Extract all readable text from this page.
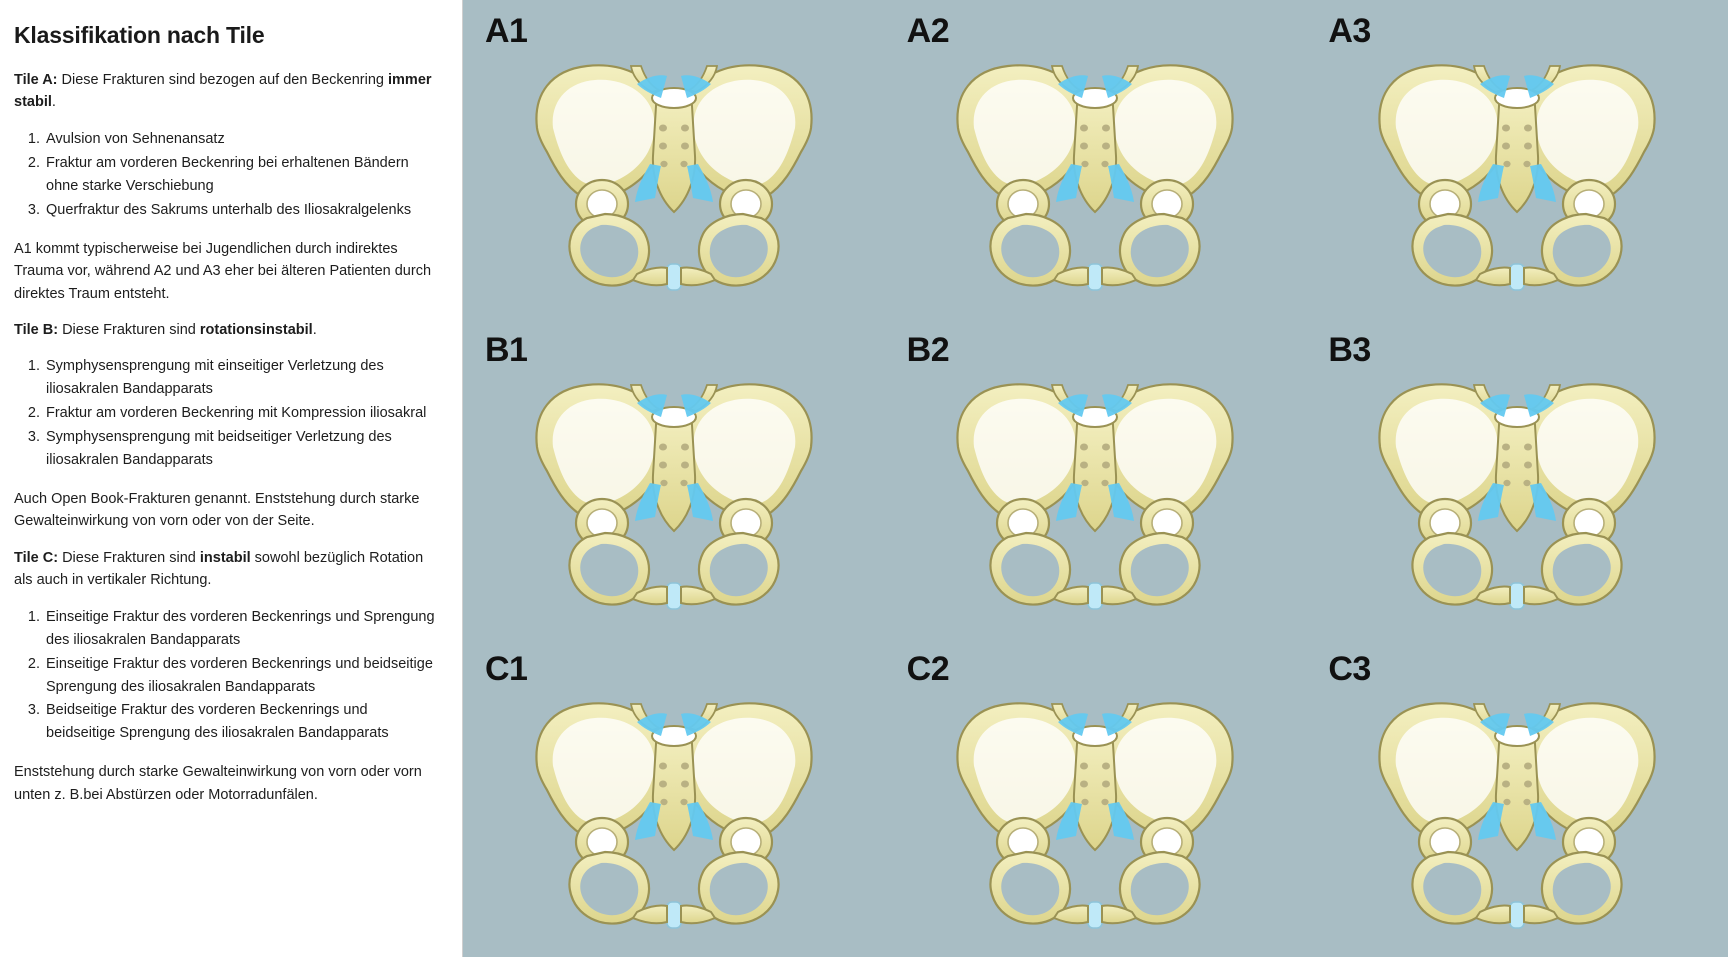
Klassifikation nach Tile

Tile A: Diese Frakturen sind bezogen auf den Beckenring immer stabil.

1. Avulsion von Sehnenansatz
2. Fraktur am vorderen Beckenring bei erhaltenen Bändern ohne starke Verschiebung
3. Querfraktur des Sakrums unterhalb des Iliosakralgelenks

A1 kommt typischerweise bei Jugendlichen durch indirektes Trauma vor, während A2 und A3 eher bei älteren Patienten durch direktes Traum entsteht.

Tile B: Diese Frakturen sind rotationsinstabil.

1. Symphysensprengung mit einseitiger Verletzung des iliosakralen Bandapparats
2. Fraktur am vorderen Beckenring mit Kompression iliosakral
3. Symphysensprengung mit beidseitiger Verletzung des iliosakralen Bandapparats

Auch Open Book-Frakturen genannt. Enststehung durch starke Gewalteinwirkung von vorn oder von der Seite.

Tile C: Diese Frakturen sind instabil sowohl bezüglich Rotation als auch in vertikaler Richtung.

1. Einseitige Fraktur des vorderen Beckenrings und Sprengung des iliosakralen Bandapparats
2. Einseitige Fraktur des vorderen Beckenrings und beidseitige Sprengung des iliosakralen Bandapparats
3. Beidseitige Fraktur des vorderen Beckenrings und beidseitige Sprengung des iliosakralen Bandapparats

Enststehung durch starke Gewalteinwirkung von vorn oder vorn unten z. B.bei Abstürzen oder Motorradunfälen.

A1	A2	A3
B1	B2	B3
C1	C2	C3
